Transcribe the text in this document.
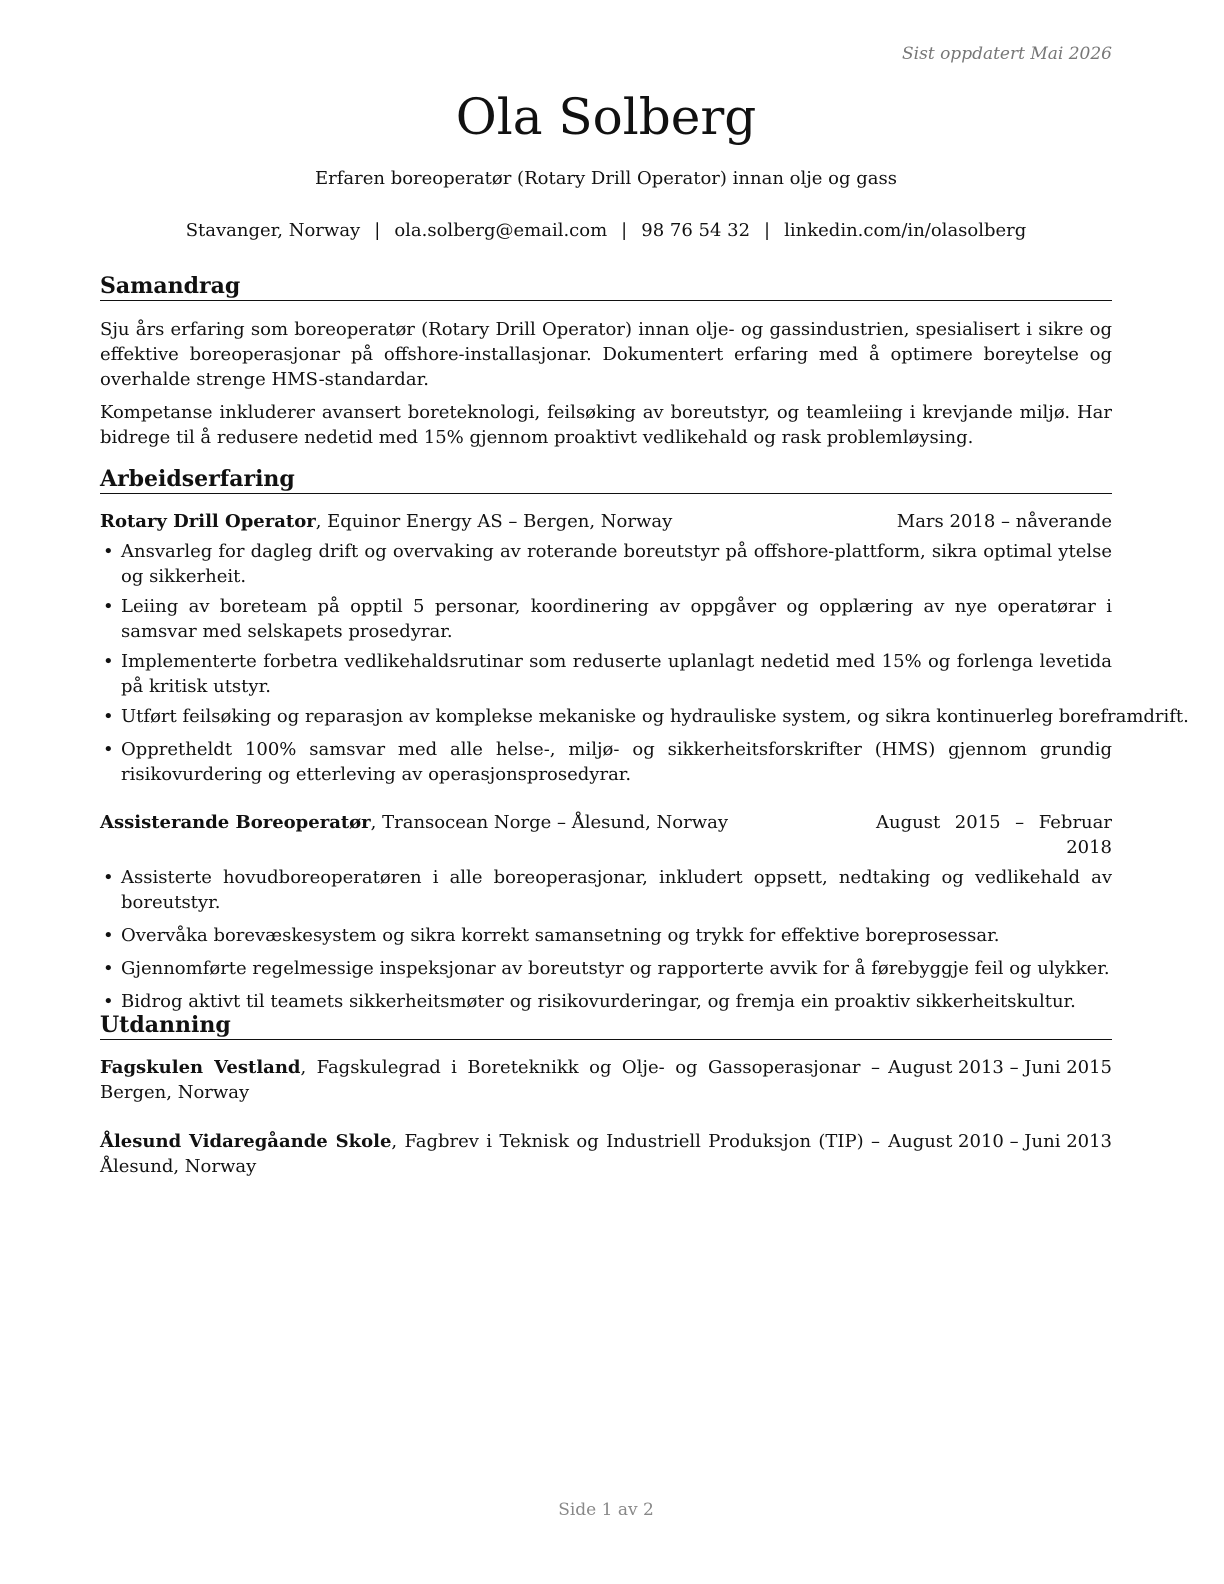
Sist oppdatert Mai 2026
Ola Solberg
Erfaren boreoperatør (Rotary Drill Operator) innan olje og gass
Stavanger, Norway | ola.solberg@email.com | 98 76 54 32 | linkedin.com/in/olasolberg
Samandrag

Sju års erfaring som boreoperatør (Rotary Drill Operator) innan olje- og gassindustrien, spesialisert i sikre og effektive boreoperasjonar på offshore-installasjonar. Dokumentert erfaring med å optimere boreytelse og overhalde strenge HMS-standardar.

Kompetanse inkluderer avansert boreteknologi, feilsøking av boreutstyr, og teamleiing i krevjande miljø. Har bidrege til å redusere nedetid med 15% gjennom proaktivt vedlikehald og rask problemløysing.

Arbeidserfaring
Rotary Drill Operator, Equinor Energy AS – Bergen, Norway	Mars 2018 – nåverande
• Ansvarleg for dagleg drift og overvaking av roterande boreutstyr på offshore-plattform, sikra optimal ytelse og sikkerheit.
• Leiing av boreteam på opptil 5 personar, koordinering av oppgåver og opplæring av nye operatørar i samsvar med selskapets prosedyrar.
• Implementerte forbetra vedlikehaldsrutinar som reduserte uplanlagt nedetid med 15% og forlenga levetida på kritisk utstyr.
• Utført feilsøking og reparasjon av komplekse mekaniske og hydrauliske system, og sikra kontinuerleg boreframdrift.
• Oppretheldt 100% samsvar med alle helse-, miljø- og sikkerheitsforskrifter (HMS) gjennom grundig risikovurdering og etterleving av operasjonsprosedyrar.
Assisterande Boreoperatør, Transocean Norge – Ålesund, Norway	August 2015 – Februar 2018
• Assisterte hovudboreoperatøren i alle boreoperasjonar, inkludert oppsett, nedtaking og vedlikehald av boreutstyr.
• Overvåka borevæskesystem og sikra korrekt samansetning og trykk for effektive boreprosessar.
• Gjennomførte regelmessige inspeksjonar av boreutstyr og rapporterte avvik for å førebyggje feil og ulykker.
• Bidrog aktivt til teamets sikkerheitsmøter og risikovurderingar, og fremja ein proaktiv sikkerheitskultur.
Utdanning
Fagskulen Vestland, Fagskulegrad i Boreteknikk og Olje- og Gassoperasjonar – Bergen, Norway
August 2013 – Juni 2015
Ålesund Vidaregåande Skole, Fagbrev i Teknisk og Industriell Produksjon (TIP) – Ålesund, Norway
August 2010 – Juni 2013
Side 1 av 2
